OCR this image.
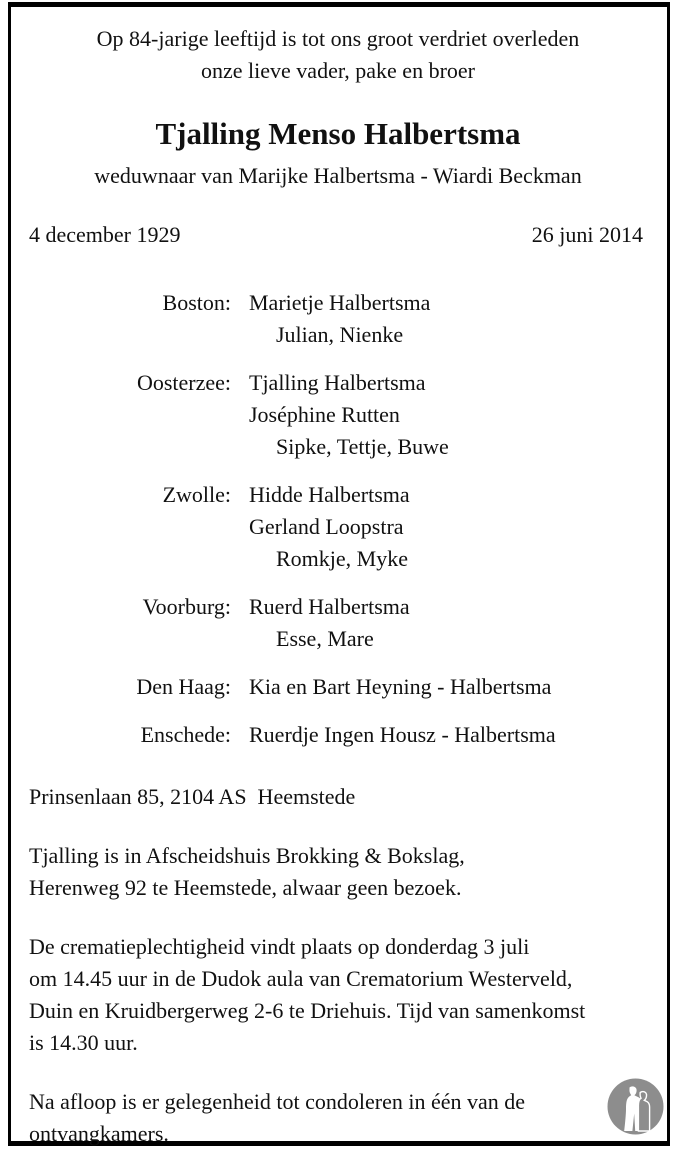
Op 84-jarige leeftijd is tot ons groot verdriet overleden
onze lieve vader, pake en broer
Tjalling Menso Halbertsma
weduwnaar van Marijke Halbertsma - Wiardi Beckman
4 december 1929	26 juni 2014
Boston: Marietje Halbertsma
Julian, Nienke
Oosterzee: Tjalling Halbertsma
Joséphine Rutten
Sipke, Tettje, Buwe
Zwolle: Hidde Halbertsma
Gerland Loopstra
Romkje, Myke
Voorburg: Ruerd Halbertsma
Esse, Mare
Den Haag: Kia en Bart Heyning - Halbertsma
Enschede: Ruerdje Ingen Housz - Halbertsma
Prinsenlaan 85, 2104 AS  Heemstede
Tjalling is in Afscheidshuis Brokking & Bokslag,
Herenweg 92 te Heemstede, alwaar geen bezoek.
De crematieplechtigheid vindt plaats op donderdag 3 juli
om 14.45 uur in de Dudok aula van Crematorium Westerveld,
Duin en Kruidbergerweg 2-6 te Driehuis. Tijd van samenkomst
is 14.30 uur.
Na afloop is er gelegenheid tot condoleren in één van de
ontvangkamers.
